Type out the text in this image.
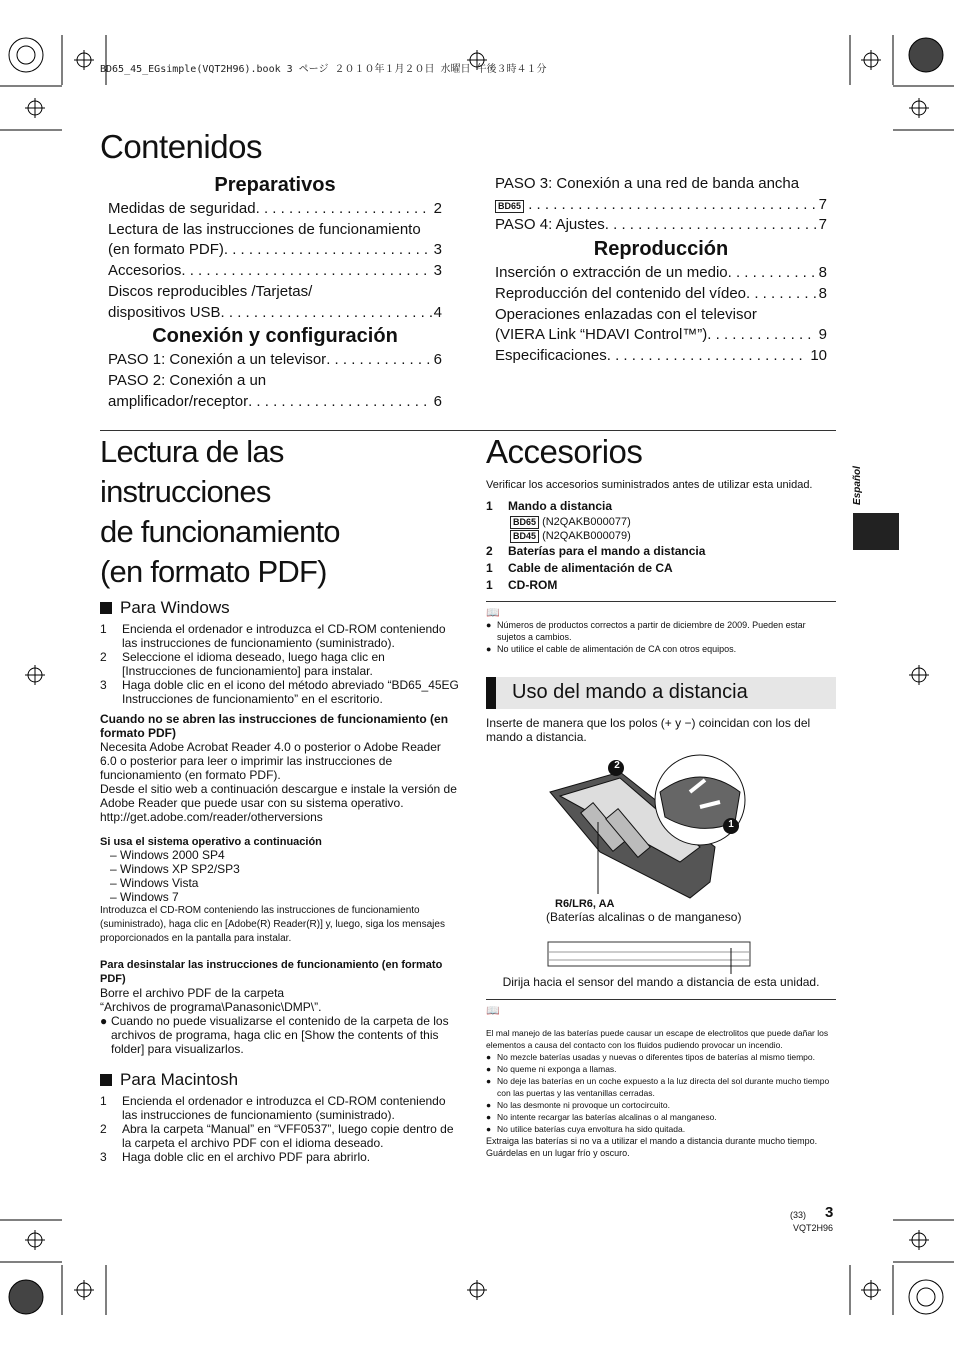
BD65_45_EGsimple(VQT2H96).book 3 ページ ２０１０年１月２０日 水曜日 午後３時４１分
Contenidos
Preparativos
Medidas de seguridad . . .	2
Lectura de las instrucciones de funcionamiento
(en formato PDF) . . .	3
Accesorios . . .	3
Discos reproducibles /Tarjetas/
dispositivos USB . . .	4
Conexión y configuración
PASO 1: Conexión a un televisor . . .	6
PASO 2: Conexión a un
amplificador/receptor . . .	6
PASO 3: Conexión a una red de banda ancha
BD65 . . .	7
PASO 4: Ajustes . . .	7
Reproducción
Inserción o extracción de un medio . . .	8
Reproducción del contenido del vídeo . . .	8
Operaciones enlazadas con el televisor
(VIERA Link “HDAVI Control™”) . . .	9
Especificaciones . . .	10
Lectura de las instrucciones
de funcionamiento
(en formato PDF)
Para Windows
1	Encienda el ordenador e introduzca el CD-ROM conteniendo las instrucciones de funcionamiento (suministrado).
2	Seleccione el idioma deseado, luego haga clic en [Instrucciones de funcionamiento] para instalar.
3	Haga doble clic en el icono del método abreviado “BD65_45EG Instrucciones de funcionamiento” en el escritorio.
Cuando no se abren las instrucciones de funcionamiento (en formato PDF)
Necesita Adobe Acrobat Reader 4.0 o posterior o Adobe Reader 6.0 o posterior para leer o imprimir las instrucciones de funcionamiento (en formato PDF).
Desde el sitio web a continuación descargue e instale la versión de Adobe Reader que puede usar con su sistema operativo.
http://get.adobe.com/reader/otherversions
Si usa el sistema operativo a continuación
– Windows 2000 SP4
– Windows XP SP2/SP3
– Windows Vista
– Windows 7
Introduzca el CD-ROM conteniendo las instrucciones de funcionamiento (suministrado), haga clic en [Adobe(R) Reader(R)] y, luego, siga los mensajes proporcionados en la pantalla para instalar.
Para desinstalar las instrucciones de funcionamiento (en formato PDF)
Borre el archivo PDF de la carpeta
“Archivos de programa\Panasonic\DMP\”.
● Cuando no puede visualizarse el contenido de la carpeta de los archivos de programa, haga clic en [Show the contents of this folder] para visualizarlos.
Para Macintosh
1	Encienda el ordenador e introduzca el CD-ROM conteniendo las instrucciones de funcionamiento (suministrado).
2	Abra la carpeta “Manual” en “VFF0537”, luego copie dentro de la carpeta el archivo PDF con el idioma deseado.
3	Haga doble clic en el archivo PDF para abrirlo.
Accesorios
Verificar los accesorios suministrados antes de utilizar esta unidad.
1	Mando a distancia
BD65 (N2QAKB000077)
BD45 (N2QAKB000079)
2	Baterías para el mando a distancia
1	Cable de alimentación de CA
1	CD-ROM
📖
● Números de productos correctos a partir de diciembre de 2009. Pueden estar sujetos a cambios.
● No utilice el cable de alimentación de CA con otros equipos.
Uso del mando a distancia
Inserte de manera que los polos (+ y −) coincidan con los del mando a distancia.
2
1
R6/LR6, AA
(Baterías alcalinas o de manganeso)
Dirija hacia el sensor del mando a distancia de esta unidad.
📖
El mal manejo de las baterías puede causar un escape de electrolitos que puede dañar los elementos a causa del contacto con los fluidos pudiendo provocar un incendio.
● No mezcle baterías usadas y nuevas o diferentes tipos de baterías al mismo tiempo.
● No queme ni exponga a llamas.
● No deje las baterías en un coche expuesto a la luz directa del sol durante mucho tiempo con las puertas y las ventanillas cerradas.
● No las desmonte ni provoque un cortocircuito.
● No intente recargar las baterías alcalinas o al manganeso.
● No utilice baterías cuya envoltura ha sido quitada.
Extraiga las baterías si no va a utilizar el mando a distancia durante mucho tiempo. Guárdelas en un lugar frío y oscuro.
Español
(33) 3
VQT2H96
